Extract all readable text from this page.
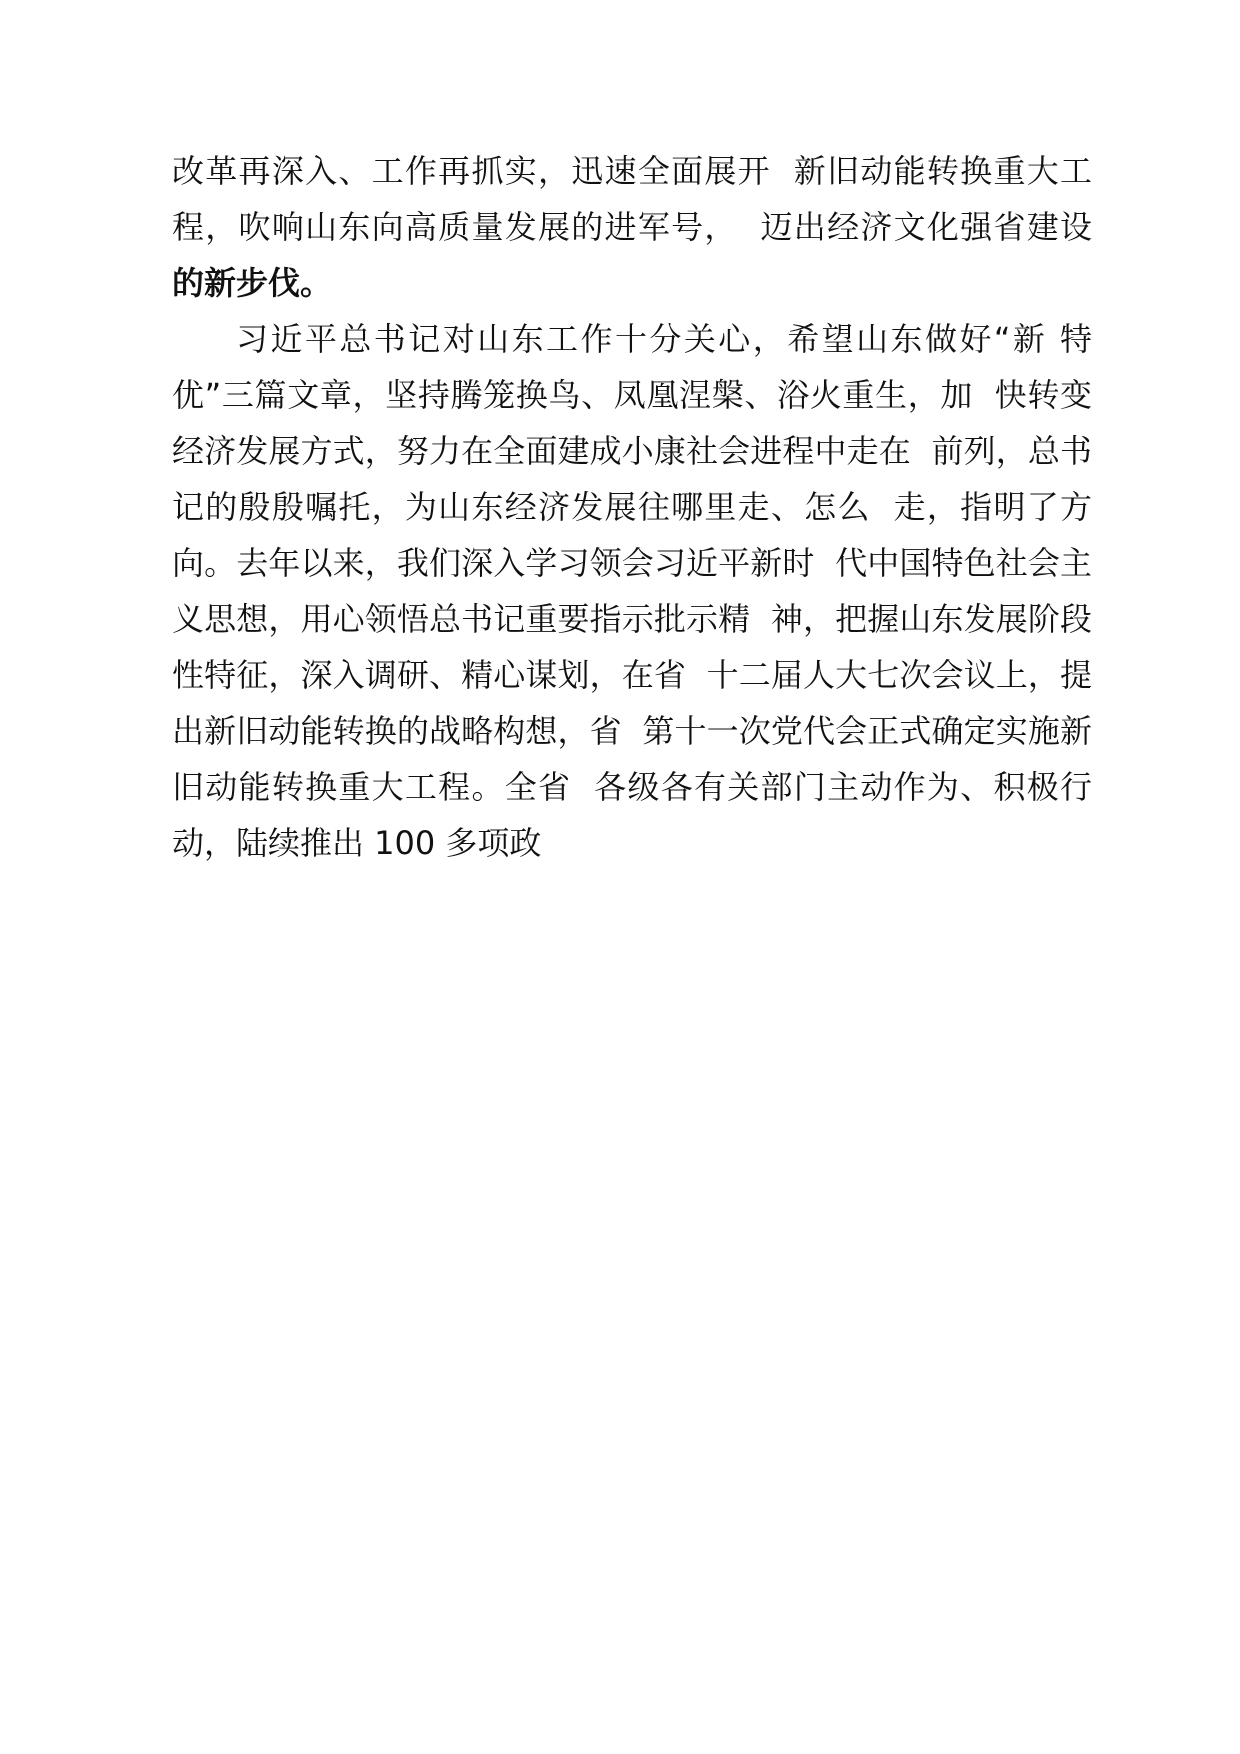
改革再深入、工作再抓实，迅速全面展开  新旧动能转换重大工
程，吹响山东向高质量发展的进军号，  迈出经济文化强省建设
的新步伐。
习近平总书记对山东工作十分关心，希望山东做好“新 特
优”三篇文章，坚持腾笼换鸟、凤凰涅槃、浴火重生，加  快转变
经济发展方式，努力在全面建成小康社会进程中走在  前列，总书
记的殷殷嘱托，为山东经济发展往哪里走、怎么  走，指明了方
向。去年以来，我们深入学习领会习近平新时  代中国特色社会主
义思想，用心领悟总书记重要指示批示精  神，把握山东发展阶段
性特征，深入调研、精心谋划，在省  十二届人大七次会议上，提
出新旧动能转换的战略构想，省  第十一次党代会正式确定实施新
旧动能转换重大工程。全省  各级各有关部门主动作为、积极行
动，陆续推出 100 多项政
